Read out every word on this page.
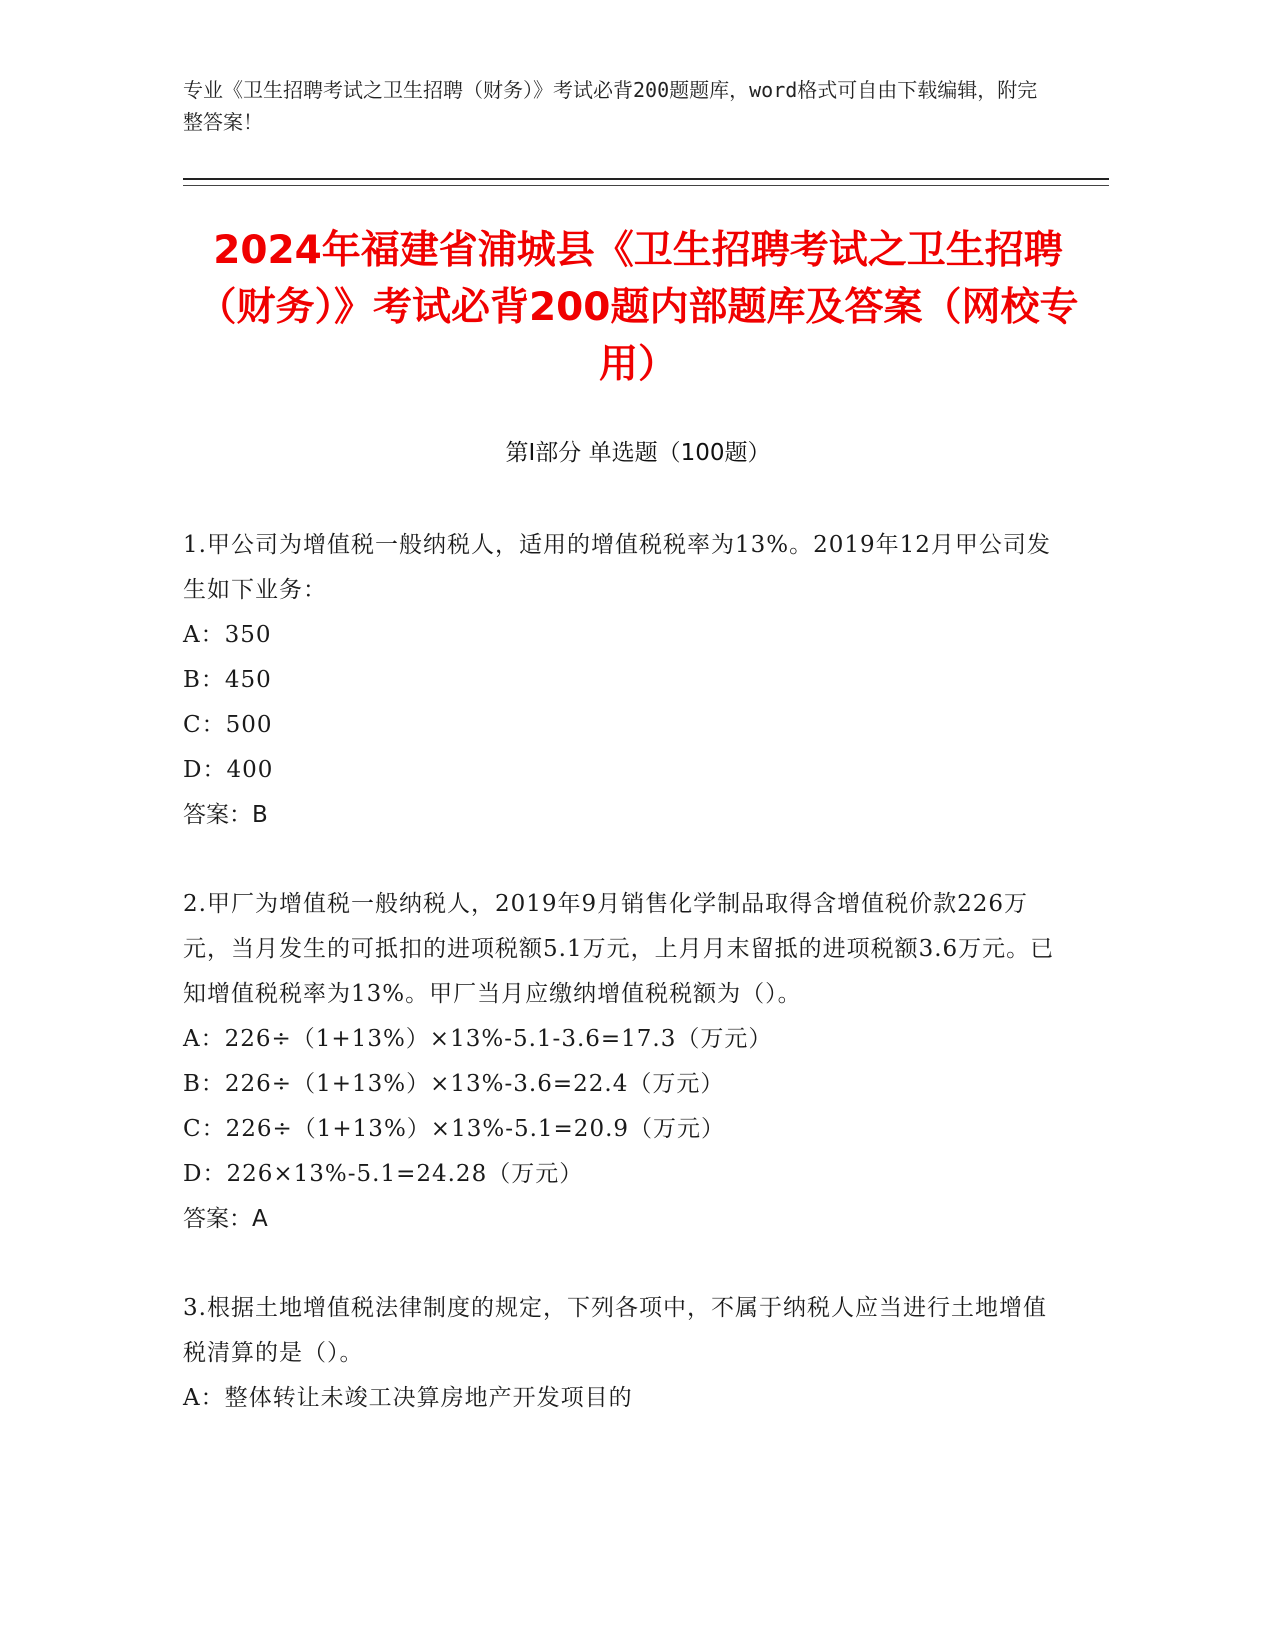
专业《卫生招聘考试之卫生招聘（财务）》考试必背200题题库，word格式可自由下载编辑，附完整答案！
2024年福建省浦城县《卫生招聘考试之卫生招聘（财务）》考试必背200题内部题库及答案（网校专用）
第Ⅰ部分 单选题（100题）

1.甲公司为增值税一般纳税人，适用的增值税税率为13%。2019年12月甲公司发生如下业务：

A：350

B：450

C：500

D：400

答案：B

2.甲厂为增值税一般纳税人，2019年9月销售化学制品取得含增值税价款226万元，当月发生的可抵扣的进项税额5.1万元，上月月末留抵的进项税额3.6万元。已知增值税税率为13%。甲厂当月应缴纳增值税税额为（）。

A：226÷（1+13%）×13%-5.1-3.6=17.3（万元）

B：226÷（1+13%）×13%-3.6=22.4（万元）

C：226÷（1+13%）×13%-5.1=20.9（万元）

D：226×13%-5.1=24.28（万元）

答案：A

3.根据土地增值税法律制度的规定，下列各项中，不属于纳税人应当进行土地增值税清算的是（）。

A：整体转让未竣工决算房地产开发项目的
